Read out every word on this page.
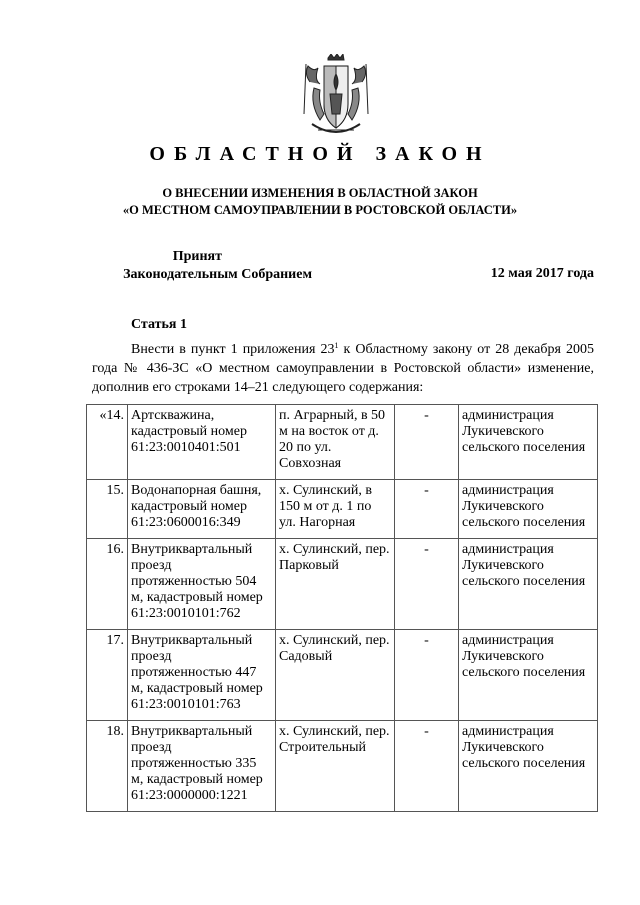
ОБЛАСТНОЙ ЗАКОН
О ВНЕСЕНИИ ИЗМЕНЕНИЯ В ОБЛАСТНОЙ ЗАКОН
«О МЕСТНОМ САМОУПРАВЛЕНИИ В РОСТОВСКОЙ ОБЛАСТИ»
Принят
Законодательным Собранием	12 мая 2017 года
Статья 1
Внести в пункт 1 приложения $23^1$ к Областному закону от 28 декабря 2005 года № 436-ЗС «О местном самоуправлении в Ростовской области» изменение, дополнив его строками 14–21 следующего содержания:
«14.	Артскважина, кадастровый номер 61:23:0010401:501	п. Аграрный, в 50 м на восток от д. 20 по ул. Совхозная	-	администрация Лукичевского сельского поселения
15.	Водонапорная башня, кадастровый номер 61:23:0600016:349	х. Сулинский, в 150 м от д. 1 по ул. Нагорная	-	администрация Лукичевского сельского поселения
16.	Внутриквартальный проезд протяженностью 504 м, кадастровый номер 61:23:0010101:762	х. Сулинский, пер. Парковый	-	администрация Лукичевского сельского поселения
17.	Внутриквартальный проезд протяженностью 447 м, кадастровый номер 61:23:0010101:763	х. Сулинский, пер. Садовый	-	администрация Лукичевского сельского поселения
18.	Внутриквартальный проезд протяженностью 335 м, кадастровый номер 61:23:0000000:1221	х. Сулинский, пер. Строительный	-	администрация Лукичевского сельского поселения
